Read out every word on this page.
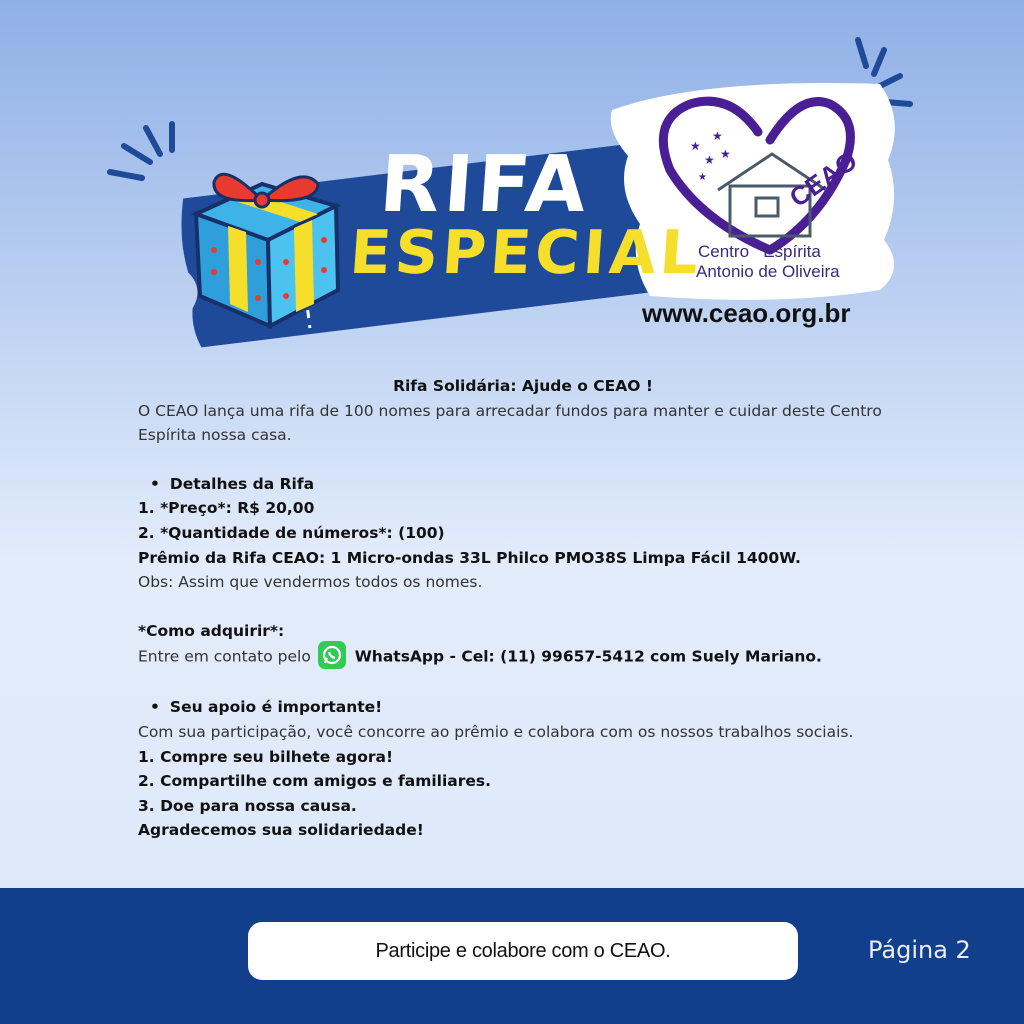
★
★
★ ★
★
RIFA
ESPECIAL
CEAO
Centro   Espírita
Antonio de Oliveira
www.ceao.org.br

Rifa Solidária: Ajude o CEAO !

O CEAO lança uma rifa de 100 nomes para arrecadar fundos para manter e cuidar deste Centro Espírita nossa casa.

• Detalhes da Rifa

1. *Preço*: R$ 20,00

2. *Quantidade de números*: (100)

Prêmio da Rifa CEAO: 1 Micro-ondas 33L Philco PMO38S Limpa Fácil 1400W.

Obs: Assim que vendermos todos os nomes.

*Como adquirir*:

Entre em contato pelo	WhatsApp - Cel: (11) 99657-5412 com Suely Mariano.

• Seu apoio é importante!

Com sua participação, você concorre ao prêmio e colabora com os nossos trabalhos sociais.

1. Compre seu bilhete agora!

2. Compartilhe com amigos e familiares.

3. Doe para nossa causa.

Agradecemos sua solidariedade!

Participe e colabore com o CEAO.	Página 2
